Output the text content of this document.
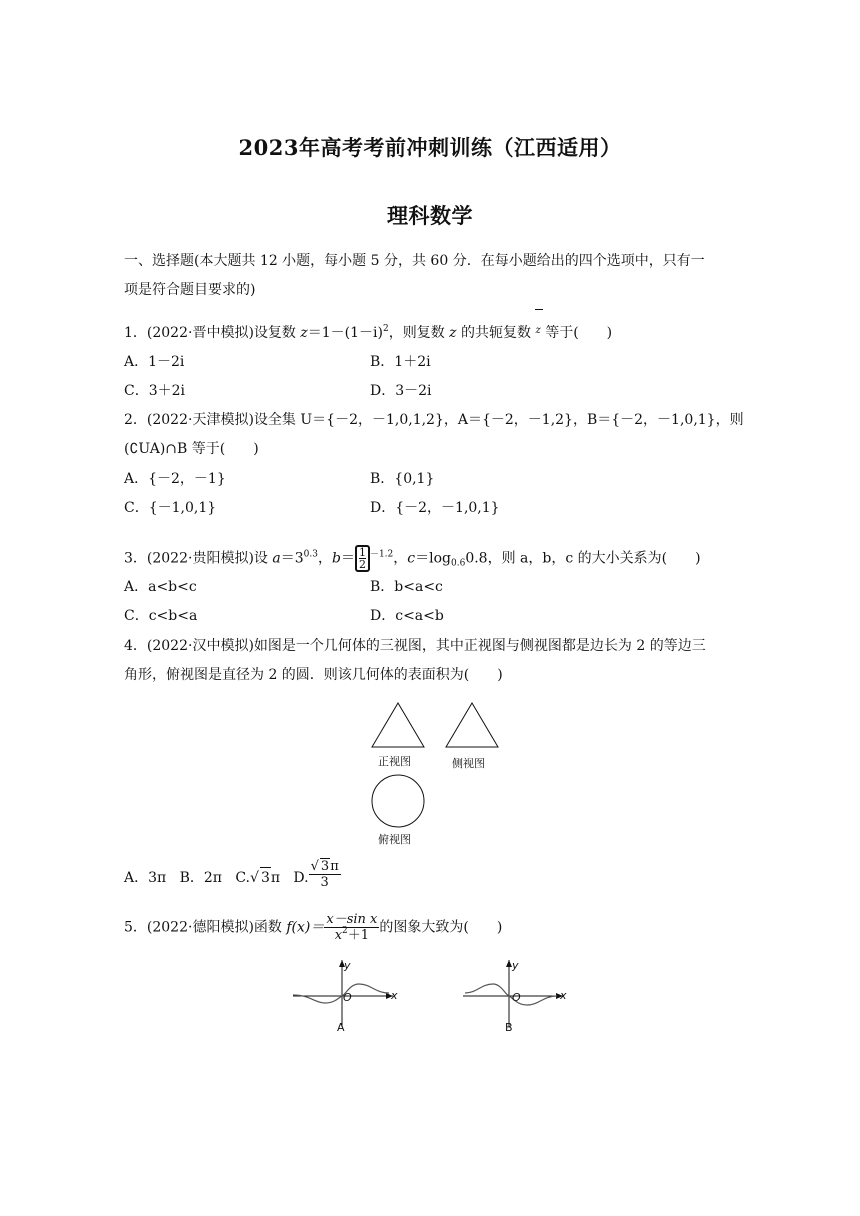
2023年高考考前冲刺训练（江西适用）
理科数学
一、选择题(本大题共 12 小题，每小题 5 分，共 60 分．在每小题给出的四个选项中，只有一
项是符合题目要求的)
1．(2022·晋中模拟)设复数 $z=1-(1-i)^2$，则复数 z 的共轭复数
z 等于(　　)
A．1－2i	B．1＋2i
C．3＋2i	D．3－2i
2．(2022·天津模拟)设全集 U＝{－2，－1,0,1,2}，A＝{－2，－1,2}，B＝{－2，－1,0,1}，则
(∁UA)∩B 等于(　　)
A．{－2，－1}	B．{0,1}
C．{－1,0,1}	D．{－2，－1,0,1}
3．(2022·贵阳模拟)设 $a=3^{0.3}$，$b= \frac{1}{2} ^{-1.2}$，$c=\log_{0.6}0.8$，则 a，b，c 的大小关系为(　　)
A．a<b<c	B．b<a<c
C．c<b<a	D．c<a<b
4．(2022·汉中模拟)如图是一个几何体的三视图，其中正视图与侧视图都是边长为 2 的等边三
角形，俯视图是直径为 2 的圆．则该几何体的表面积为(　　)
正视图	侧视图
俯视图
A．3π B．2π C.√ 3π D. $\frac{√ 3\pi}{3}$
5．(2022·德阳模拟)函数 $f(x)= \frac{\text{x－sin x}}{x^2+1}$ 的图象大致为(　　)
y
x
O
A
y
x
O
B
